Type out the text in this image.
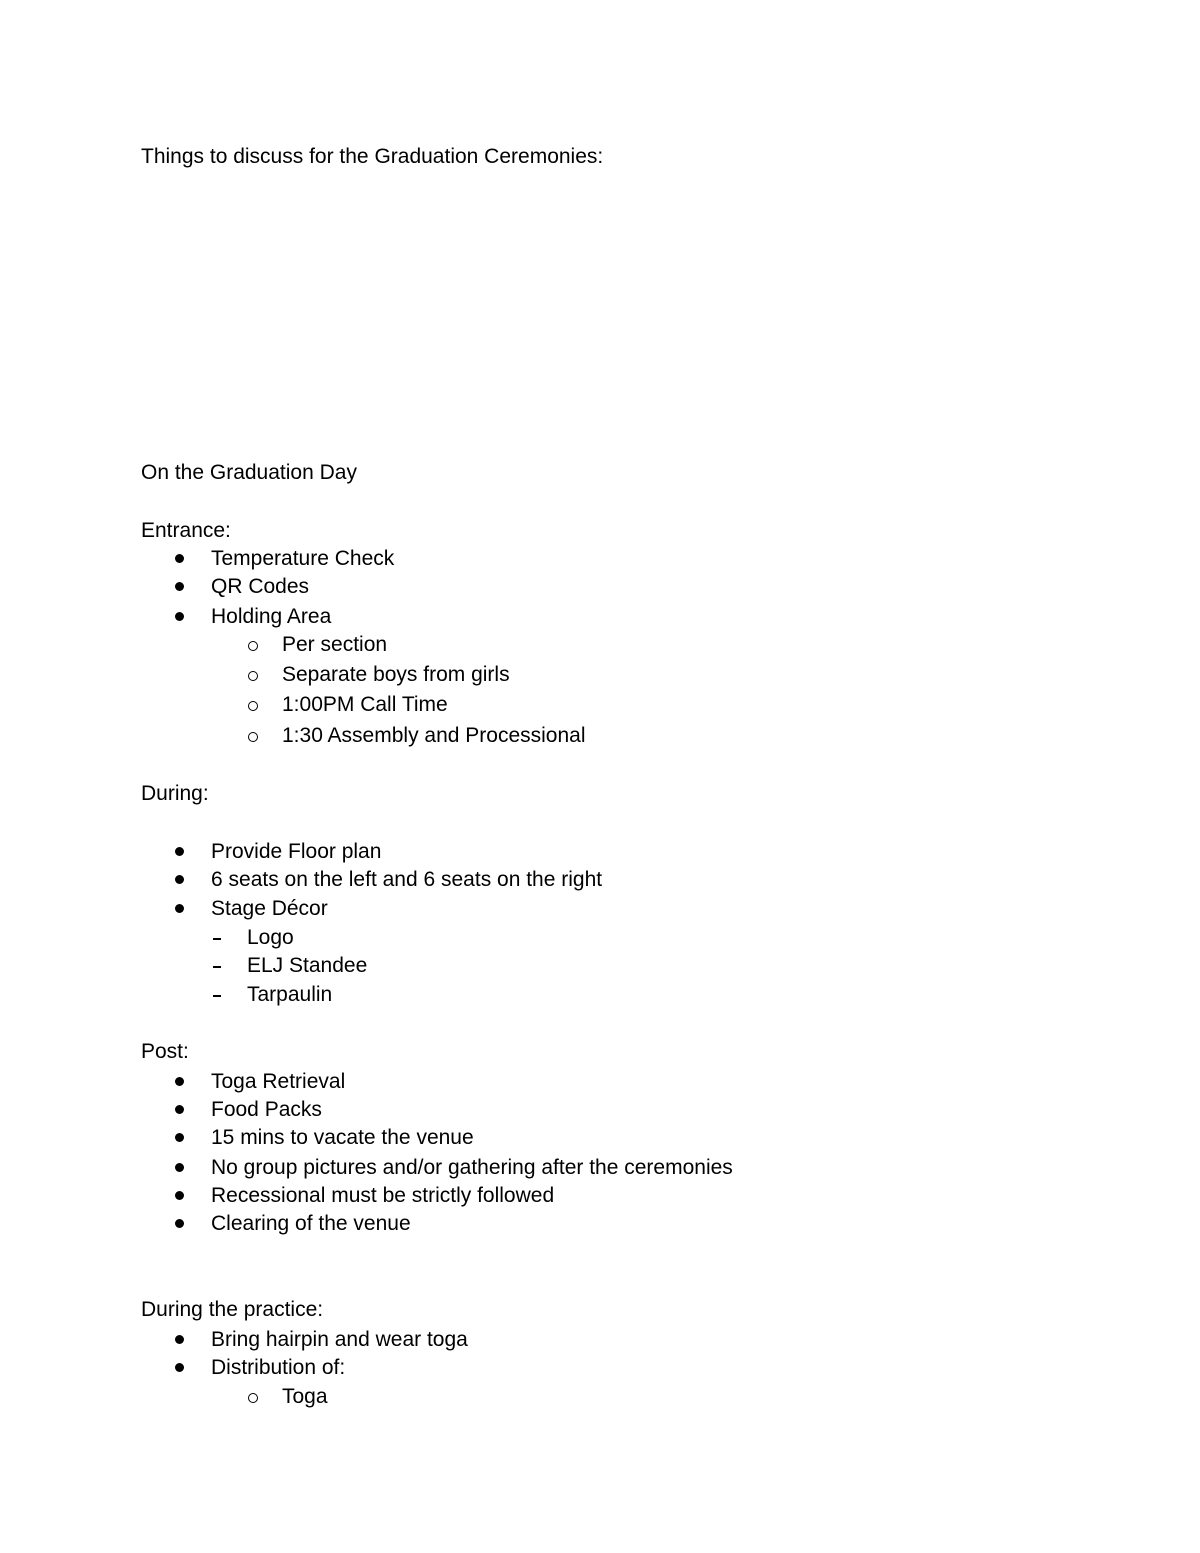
Things to discuss for the Graduation Ceremonies:
On the Graduation Day
Entrance:
Temperature Check
QR Codes
Holding Area
Per section
Separate boys from girls
1:00PM Call Time
1:30 Assembly and Processional
During:
Provide Floor plan
6 seats on the left and 6 seats on the right
Stage Décor
Logo
ELJ Standee
Tarpaulin
Post:
Toga Retrieval
Food Packs
15 mins to vacate the venue
No group pictures and/or gathering after the ceremonies
Recessional must be strictly followed
Clearing of the venue
During the practice:
Bring hairpin and wear toga
Distribution of:
Toga
